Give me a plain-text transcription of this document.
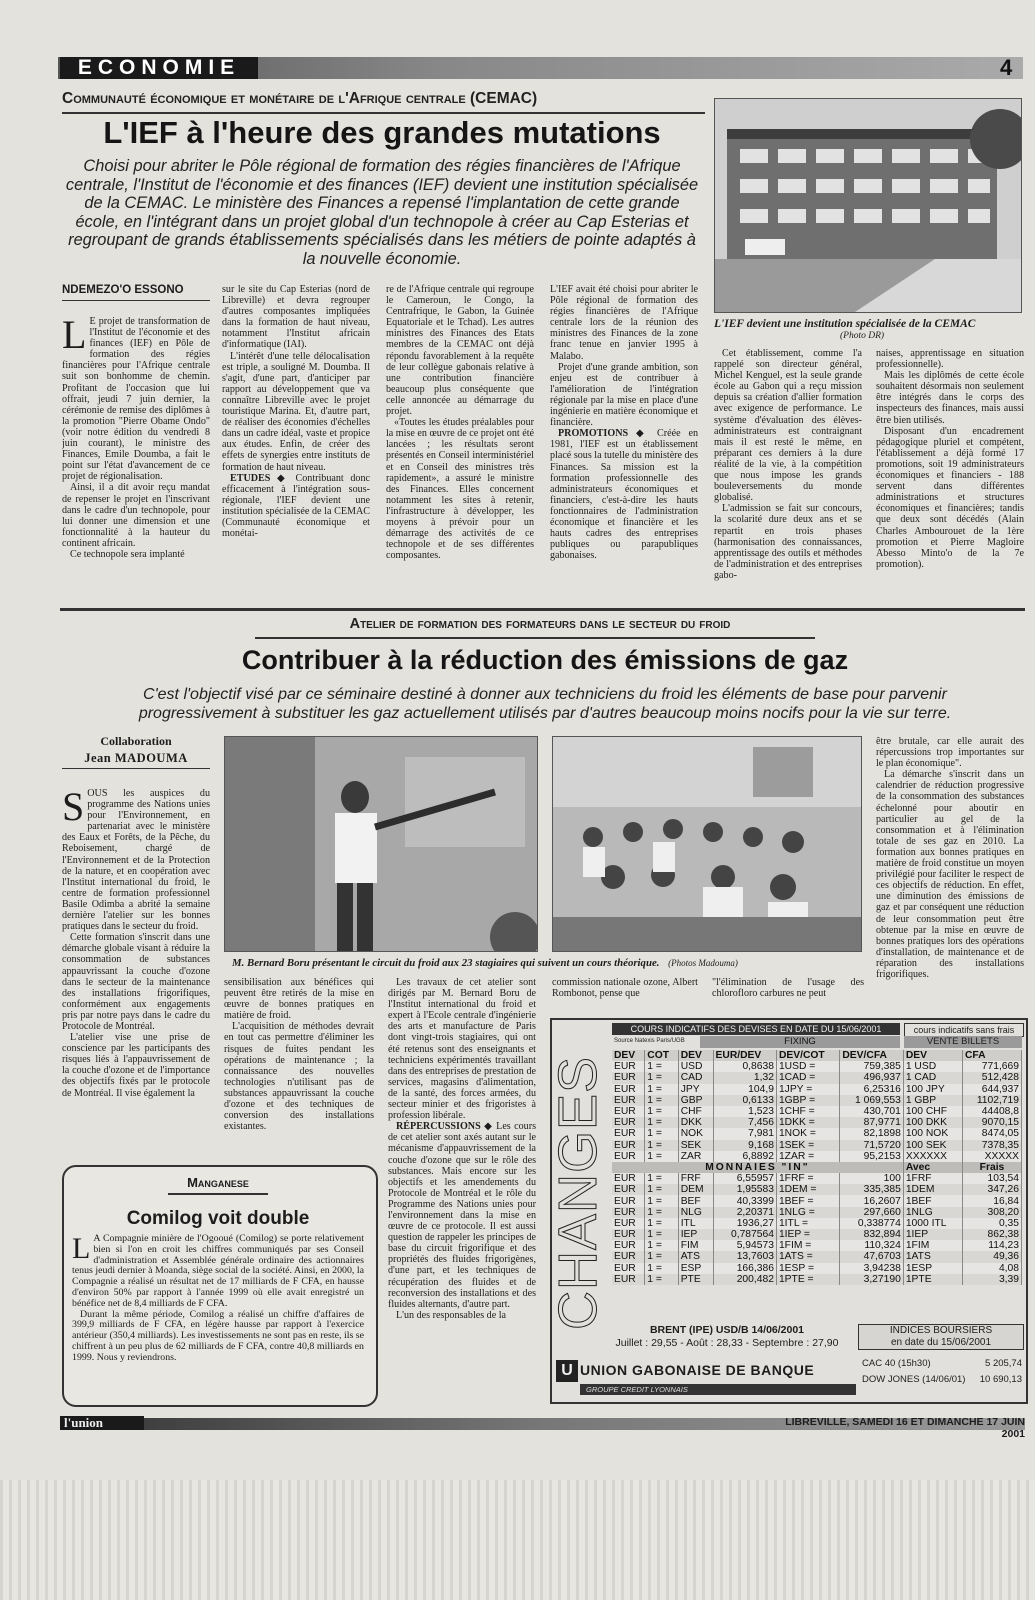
ECONOMIE	4
Communauté économique et monétaire de l'Afrique centrale (CEMAC)
L'IEF à l'heure des grandes mutations
Choisi pour abriter le Pôle régional de formation des régies financières de l'Afrique centrale, l'Institut de l'économie et des finances (IEF) devient une institution spécialisée de la CEMAC. Le ministère des Finances a repensé l'implantation de cette grande école, en l'intégrant dans un projet global d'un technopole à créer au Cap Esterias et regroupant de grands établissements spécialisés dans les métiers de pointe adaptés à la nouvelle économie.
L'IEF devient une institution spécialisée de la CEMAC
(Photo DR)
NDEMEZO'O ESSONO

L E projet de transformation de l'Institut de l'économie et des finances (IEF) en Pôle de formation des régies financières pour l'Afrique centrale suit son bonhomme de chemin. Profitant de l'occasion que lui offrait, jeudi 7 juin dernier, la cérémonie de remise des diplômes à la promotion "Pierre Obame Ondo" (voir notre édition du vendredi 8 juin courant), le ministre des Finances, Emile Doumba, a fait le point sur l'état d'avancement de ce projet de régionalisation.

Ainsi, il a dit avoir reçu mandat de repenser le projet en l'inscrivant dans le cadre d'un technopole, pour lui donner une dimension et une fonctionnalité à la hauteur du continent africain.

Ce technopole sera implanté

sur le site du Cap Esterias (nord de Libreville) et devra regrouper d'autres composantes impliquées dans la formation de haut niveau, notamment l'Institut africain d'informatique (IAI).

L'intérêt d'une telle délocalisation est triple, a souligné M. Doumba. Il s'agit, d'une part, d'anticiper par rapport au développement que va connaître Libreville avec le projet touristique Marina. Et, d'autre part, de réaliser des économies d'échelles dans un cadre idéal, vaste et propice aux études. Enfin, de créer des effets de synergies entre instituts de formation de haut niveau.

ETUDES ◆ Contribuant donc efficacement à l'intégration sous-régionale, l'IEF devient une institution spécialisée de la CEMAC (Communauté économique et monétai-

re de l'Afrique centrale qui regroupe le Cameroun, le Congo, la Centrafrique, le Gabon, la Guinée Equatoriale et le Tchad). Les autres ministres des Finances des Etats membres de la CEMAC ont déjà répondu favorablement à la requête de leur collègue gabonais relative à une contribution financière beaucoup plus conséquente que celle annoncée au démarrage du projet.

«Toutes les études préalables pour la mise en œuvre de ce projet ont été lancées ; les résultats seront présentés en Conseil interministériel et en Conseil des ministres très rapidement», a assuré le ministre des Finances. Elles concernent notamment les sites à retenir, l'infrastructure à développer, les moyens à prévoir pour un démarrage des activités de ce technopole et de ses différentes composantes.

L'IEF avait été choisi pour abriter le Pôle régional de formation des régies financières de l'Afrique centrale lors de la réunion des ministres des Finances de la zone franc tenue en janvier 1995 à Malabo.

Projet d'une grande ambition, son enjeu est de contribuer à l'amélioration de l'intégration régionale par la mise en place d'une ingénierie en matière économique et financière.

PROMOTIONS ◆ Créée en 1981, l'IEF est un établissement placé sous la tutelle du ministère des Finances. Sa mission est la formation professionnelle des administrateurs économiques et financiers, c'est-à-dire les hauts fonctionnaires de l'administration économique et financière et les hauts cadres des entreprises publiques ou parapubliques gabonaises.

Cet établissement, comme l'a rappelé son directeur général, Michel Kenguel, est la seule grande école au Gabon qui a reçu mission depuis sa création d'allier formation avec exigence de performance. Le système d'évaluation des élèves-administrateurs est contraignant mais il est resté le même, en préparant ces derniers à la dure réalité de la vie, à la compétition que nous impose les grands bouleversements du monde globalisé.

L'admission se fait sur concours, la scolarité dure deux ans et se repartit en trois phases (harmonisation des connaissances, apprentissage des outils et méthodes de l'administration et des entreprises gabo-

naises, apprentissage en situation professionnelle).

Mais les diplômés de cette école souhaitent désormais non seulement être intégrés dans le corps des inspecteurs des finances, mais aussi être bien utilisés.

Disposant d'un encadrement pédagogique pluriel et compétent, l'établissement a déjà formé 17 promotions, soit 19 administrateurs économiques et financiers - 188 servent dans différentes administrations et structures économiques et financières; tandis que deux sont décédés (Alain Charles Ambourouet de la 1ère promotion et Pierre Magloire Abesso Minto'o de la 7e promotion).

Atelier de formation des formateurs dans le secteur du froid
Contribuer à la réduction des émissions de gaz
C'est l'objectif visé par ce séminaire destiné à donner aux techniciens du froid les éléments de base pour parvenir progressivement à substituer les gaz actuellement utilisés par d'autres beaucoup moins nocifs pour la vie sur terre.
Collaboration
Jean MADOUMA
M. Bernard Boru présentant le circuit du froid aux 23 stagiaires qui suivent un cours théorique. (Photos Madouma)

SOUS les auspices du programme des Nations unies pour l'Environnement, en partenariat avec le ministère des Eaux et Forêts, de la Pêche, du Reboisement, chargé de l'Environnement et de la Protection de la nature, et en coopération avec l'Institut international du froid, le centre de formation professionnel Basile Odimba a abrité la semaine dernière l'atelier sur les bonnes pratiques dans le secteur du froid.

Cette formation s'inscrit dans une démarche globale visant à réduire la consommation de substances appauvrissant la couche d'ozone dans le secteur de la maintenance des installations frigorifiques, conformément aux engagements pris par notre pays dans le cadre du Protocole de Montréal.

L'atelier vise une prise de conscience par les participants des risques liés à l'appauvrissement de la couche d'ozone et de l'importance des objectifs fixés par le protocole de Montréal. Il vise également la

sensibilisation aux bénéfices qui peuvent être retirés de la mise en œuvre de bonnes pratiques en matière de froid.

L'acquisition de méthodes devrait en tout cas permettre d'éliminer les risques de fuites pendant les opérations de maintenance ; la connaissance des nouvelles technologies n'utilisant pas de substances appauvrissant la couche d'ozone et des techniques de conversion des installations existantes.

Les travaux de cet atelier sont dirigés par M. Bernard Boru de l'Institut international du froid et expert à l'Ecole centrale d'ingénierie des arts et manufacture de Paris dont vingt-trois stagiaires, qui ont été retenus sont des enseignants et techniciens expérimentés travaillant dans des entreprises de prestation de services, magasins d'alimentation, de la santé, des forces armées, du secteur minier et des frigoristes à profession libérale.

RÉPERCUSSIONS ◆ Les cours de cet atelier sont axés autant sur le mécanisme d'appauvrissement de la couche d'ozone que sur le rôle des substances. Mais encore sur les objectifs et les amendements du Protocole de Montréal et le rôle du Programme des Nations unies pour l'environnement dans la mise en œuvre de ce protocole. Il est aussi question de rappeler les principes de base du circuit frigorifique et des propriétés des fluides frigorigènes, d'une part, et les techniques de récupération des fluides et de reconversion des installations et des fluides alternants, d'autre part.

L'un des responsables de la

commission nationale ozone, Albert Rombonot, pense que

"l'élimination de l'usage des chlorofloro carbures ne peut

être brutale, car elle aurait des répercussions trop importantes sur le plan économique".

La démarche s'inscrit dans un calendrier de réduction progressive de la consommation des substances échelonné pour aboutir en particulier au gel de la consommation et à l'élimination totale de ses gaz en 2010. La formation aux bonnes pratiques en matière de froid constitue un moyen privilégié pour faciliter le respect de ces objectifs de réduction. En effet, une diminution des émissions de gaz et par conséquent une réduction de leur consommation peut être obtenue par la mise en œuvre de bonnes pratiques lors des opérations d'installation, de maintenance et de réparation des installations frigorifiques.

Manganese
Comilog voit double

L A Compagnie minière de l'Ogooué (Comilog) se porte relativement bien si l'on en croit les chiffres communiqués par ses Conseil d'administration et Assemblée générale ordinaire des actionnaires tenus jeudi dernier à Moanda, siège social de la société. Ainsi, en 2000, la Compagnie a réalisé un résultat net de 17 milliards de F CFA, en hausse d'environ 50% par rapport à l'année 1999 où elle avait enregistré un bénéfice net de 8,4 milliards de F CFA.

Durant la même période, Comilog a réalisé un chiffre d'affaires de 399,9 milliards de F CFA, en légère hausse par rapport à l'exercice antérieur (350,4 milliards). Les investissements ne sont pas en reste, ils se chiffrent à un peu plus de 62 milliards de F CFA, contre 40,8 milliards en 1999. Nous y reviendrons.

CHANGES
COURS INDICATIFS DES DEVISES EN DATE DU 15/06/2001	cours indicatifs sans frais
Source Natexis Paris/UGB	FIXING	VENTE BILLETS
DEV	COT	DEV	EUR/DEV	DEV/COT	DEV/CFA	DEV	CFA
EUR	1 =	USD	0,8638	1USD =	759,385	1 USD	771,669
EUR	1 =	CAD	1,32	1CAD =	496,937	1 CAD	512,428
EUR	1 =	JPY	104,9	1JPY =	6,25316	100 JPY	644,937
EUR	1 =	GBP	0,6133	1GBP =	1 069,553	1 GBP	1102,719
EUR	1 =	CHF	1,523	1CHF =	430,701	100 CHF	44408,8
EUR	1 =	DKK	7,456	1DKK =	87,9771	100 DKK	9070,15
EUR	1 =	NOK	7,981	1NOK =	82,1898	100 NOK	8474,05
EUR	1 =	SEK	9,168	1SEK =	71,5720	100 SEK	7378,35
EUR	1 =	ZAR	6,8892	1ZAR =	95,2153	XXXXXX	XXXXX
MONNAIES "IN"						Avec	Frais
EUR	1 =	FRF	6,55957	1FRF =	100	1FRF	103,54
EUR	1 =	DEM	1,95583	1DEM =	335,385	1DEM	347,26
EUR	1 =	BEF	40,3399	1BEF =	16,2607	1BEF	16,84
EUR	1 =	NLG	2,20371	1NLG =	297,660	1NLG	308,20
EUR	1 =	ITL	1936,27	1ITL =	0,338774	1000 ITL	0,35
EUR	1 =	IEP	0,787564	1IEP =	832,894	1IEP	862,38
EUR	1 =	FIM	5,94573	1FIM =	110,324	1FIM	114,23
EUR	1 =	ATS	13,7603	1ATS =	47,6703	1ATS	49,36
EUR	1 =	ESP	166,386	1ESP =	3,94238	1ESP	4,08
EUR	1 =	PTE	200,482	1PTE =	3,27190	1PTE	3,39
BRENT (IPE) USD/B 14/06/2001
Juillet : 29,55 - Août : 28,33 - Septembre : 27,90
INDICES BOURSIERS
en date du 15/06/2001
CAC 40 (15h30)	5 205,74
DOW JONES (14/06/01) 10 690,13
U UNION GABONAISE DE BANQUE
GROUPE CREDIT LYONNAIS
l'union	LIBREVILLE, SAMEDI 16 ET DIMANCHE 17 JUIN 2001
